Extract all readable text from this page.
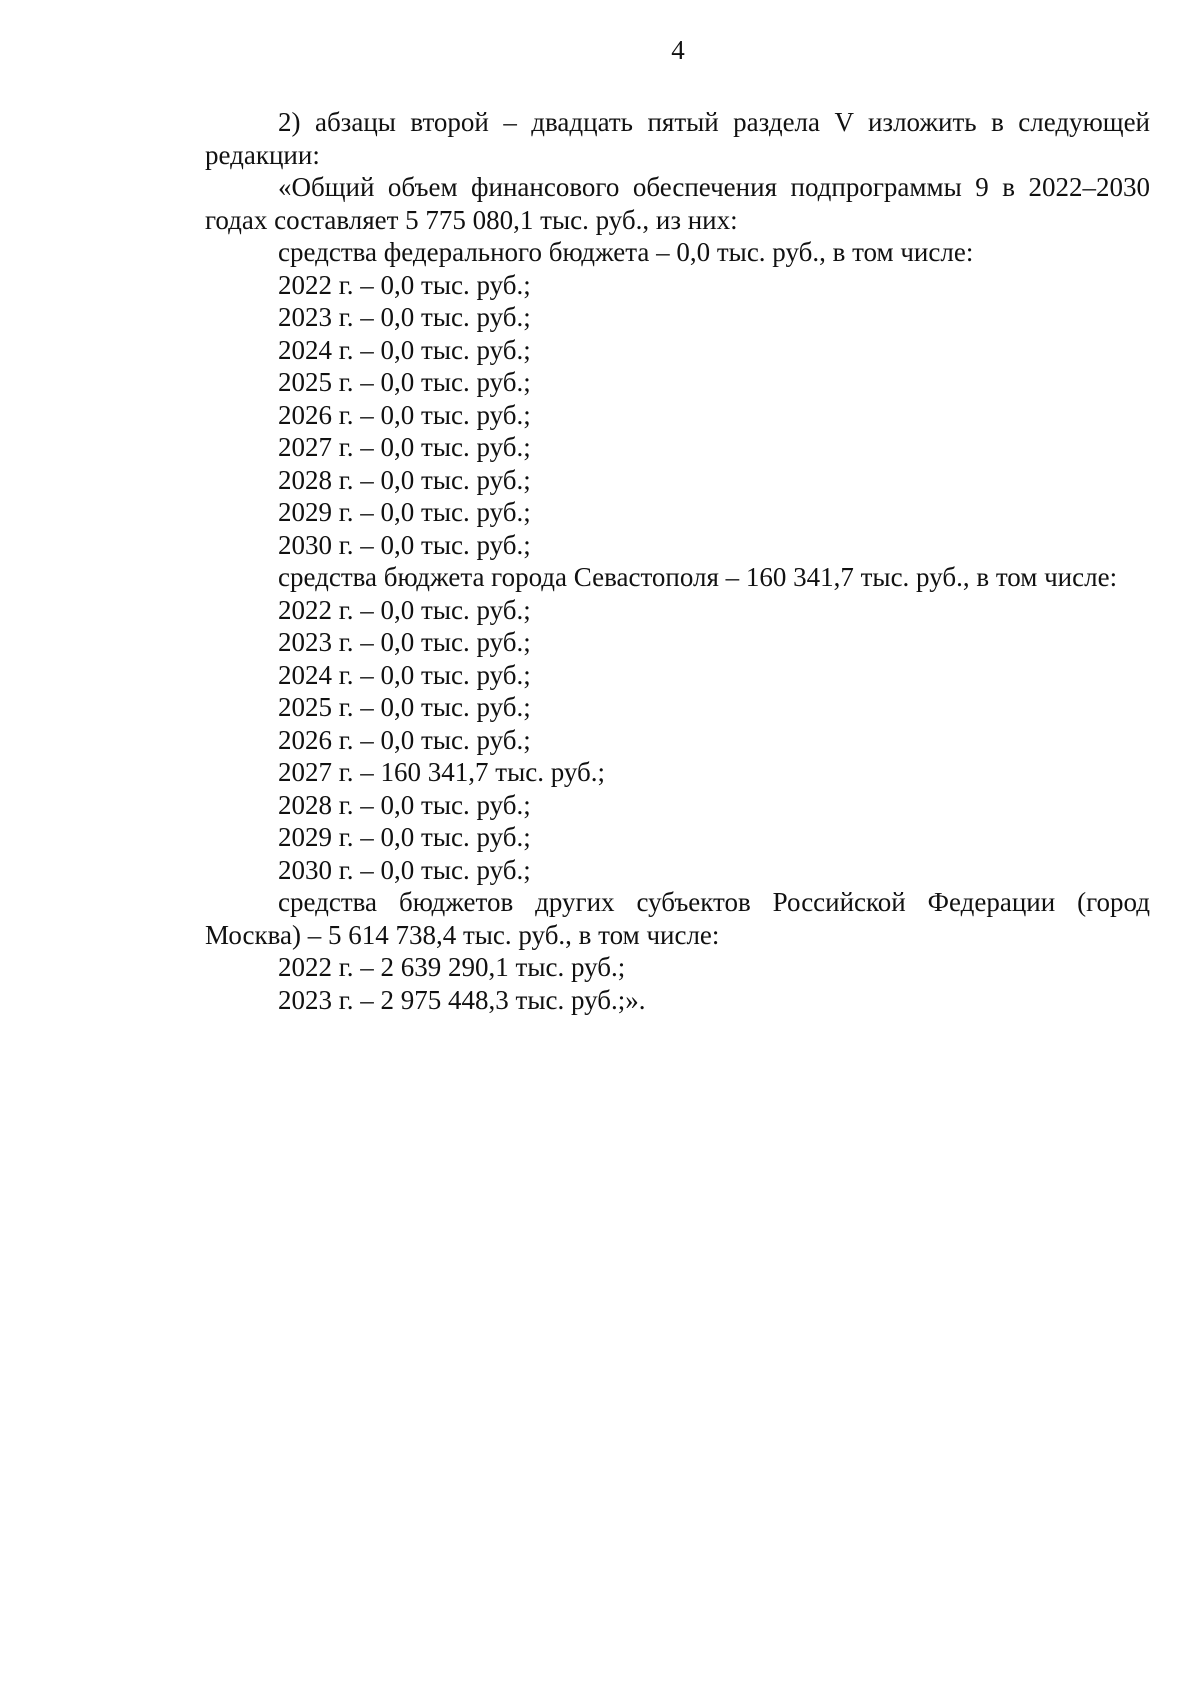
4

2) абзацы второй – двадцать пятый раздела V изложить в следующей редакции:

«Общий объем финансового обеспечения подпрограммы 9 в 2022–2030 годах составляет 5 775 080,1 тыс. руб., из них:

средства федерального бюджета – 0,0 тыс. руб., в том числе:

2022 г. – 0,0 тыс. руб.;
2023 г. – 0,0 тыс. руб.;
2024 г. – 0,0 тыс. руб.;
2025 г. – 0,0 тыс. руб.;
2026 г. – 0,0 тыс. руб.;
2027 г. – 0,0 тыс. руб.;
2028 г. – 0,0 тыс. руб.;
2029 г. – 0,0 тыс. руб.;
2030 г. – 0,0 тыс. руб.;

средства бюджета города Севастополя – 160 341,7 тыс. руб., в том числе:

2022 г. – 0,0 тыс. руб.;
2023 г. – 0,0 тыс. руб.;
2024 г. – 0,0 тыс. руб.;
2025 г. – 0,0 тыс. руб.;
2026 г. – 0,0 тыс. руб.;
2027 г. – 160 341,7 тыс. руб.;
2028 г. – 0,0 тыс. руб.;
2029 г. – 0,0 тыс. руб.;
2030 г. – 0,0 тыс. руб.;

средства бюджетов других субъектов Российской Федерации (город Москва) – 5 614 738,4 тыс. руб., в том числе:

2022 г. – 2 639 290,1 тыс. руб.;
2023 г. – 2 975 448,3 тыс. руб.;».
